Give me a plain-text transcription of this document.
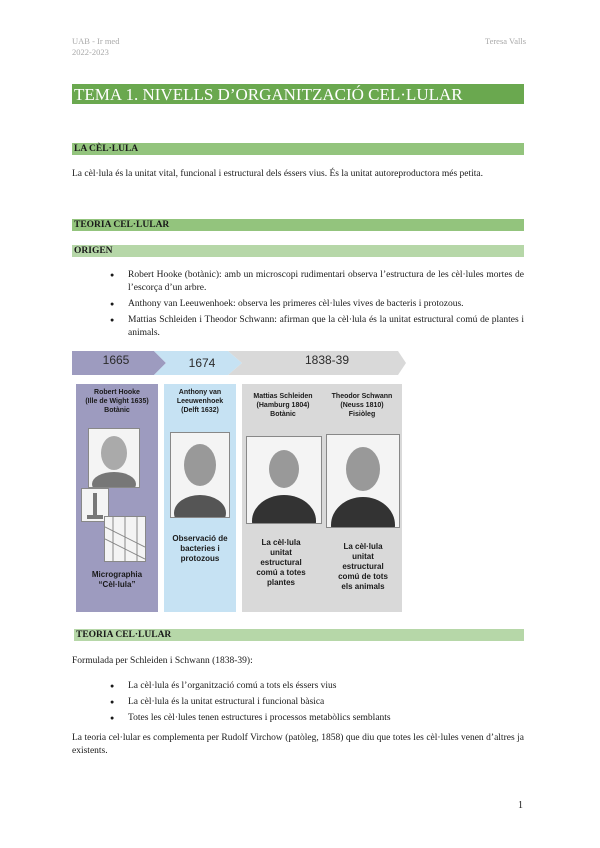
UAB - Ir med
2022-2023
Teresa Valls
TEMA 1. NIVELLS D’ORGANITZACIÓ CEL·LULAR
LA CÈL·LULA
La cèl·lula és la unitat vital, funcional i estructural dels éssers vius. És la unitat autoreproductora més petita.
TEORIA CEL·LULAR
ORIGEN
● Robert Hooke (botànic): amb un microscopi rudimentari observa l’estructura de les cèl·lules mortes de l’escorça d’un arbre.
● Anthony van Leeuwenhoek: observa les primeres cèl·lules vives de bacteris i protozous.
● Mattias Schleiden i Theodor Schwann: afirman que la cèl·lula és la unitat estructural comú de plantes i animals.
1665	1674	1838-39
Robert Hooke
(Ille de Wight 1635)
Botànic
Micrographia
“Cèl·lula”
Anthony van
Leeuwenhoek
(Delft 1632)
Observació de
bacteries i
protozous
Mattias Schleiden
(Hamburg 1804)
Botànic
Theodor Schwann
(Neuss 1810)
Fisiòleg
La cèl·lula
unitat
estructural
comú a totes
plantes
La cèl·lula
unitat
estructural
comú de tots
els animals
TEORIA CEL·LULAR
Formulada per Schleiden i Schwann (1838-39):
● La cèl·lula és l’organització comú a tots els éssers vius
● La cèl·lula és la unitat estructural i funcional bàsica
● Totes les cèl·lules tenen estructures i processos metabòlics semblants
La teoria cel·lular es complementa per Rudolf Virchow (patòleg, 1858) que diu que totes les cèl·lules venen d’altres ja existents.
1
